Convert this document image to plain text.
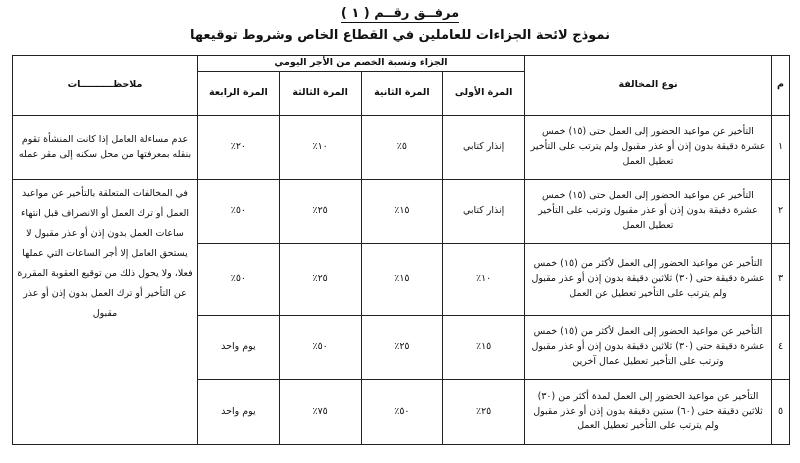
مرفــق رقــم ( ١ )
نموذج لائحة الجزاءات للعاملين في القطاع الخاص وشروط توقيعها
م	نوع المخالفة	الجزاء ونسبة الخصم من الأجر اليومي				ملاحظــــــــــات
		المرة الأولى	المرة الثانية	المرة الثالثة	المرة الرابعة	
١	التأخير عن مواعيد الحضور إلى العمل حتى (١٥) خمس عشرة دقيقة بدون إذن أو عذر مقبول ولم يترتب على التأخير تعطيل العمل	إنذار كتابي	٥٪	١٠٪	٢٠٪	عدم مساءلة العامل إذا كانت المنشأة تقوم بنقله بمعرفتها من محل سكنه إلى مقر عمله
٢	التأخير عن مواعيد الحضور إلى العمل حتى (١٥) خمس عشرة دقيقة بدون إذن أو عذر مقبول وترتب على التأخير تعطيل العمل	إنذار كتابي	١٥٪	٢٥٪	٥٠٪	في المخالفات المتعلقة بالتأخير عن مواعيد العمل أو ترك العمل أو الانصراف قبل انتهاء ساعات العمل بدون إذن أو عذر مقبول لا يستحق العامل إلا أجر الساعات التي عملها فعلا، ولا يحول ذلك من توقيع العقوبة المقررة عن التأخير أو ترك العمل بدون إذن أو عذر مقبول
٣	التأخير عن مواعيد الحضور إلى العمل لأكثر من (١٥) خمس عشرة دقيقة حتى (٣٠) ثلاثين دقيقة بدون إذن أو عذر مقبول ولم يترتب على التأخير تعطيل عن العمل	١٠٪	١٥٪	٢٥٪	٥٠٪	
٤	التأخير عن مواعيد الحضور إلى العمل لأكثر من (١٥) خمس عشرة دقيقة حتى (٣٠) ثلاثين دقيقة بدون إذن أو عذر مقبول وترتب على التأخير تعطيل عمال آخرين	١٥٪	٢٥٪	٥٠٪	يوم واحد	
٥	التأخير عن مواعيد الحضور إلى العمل لمدة أكثر من (٣٠) ثلاثين دقيقة حتى (٦٠) ستين دقيقة بدون إذن أو عذر مقبول ولم يترتب على التأخير تعطيل العمل	٢٥٪	٥٠٪	٧٥٪	يوم واحد	
